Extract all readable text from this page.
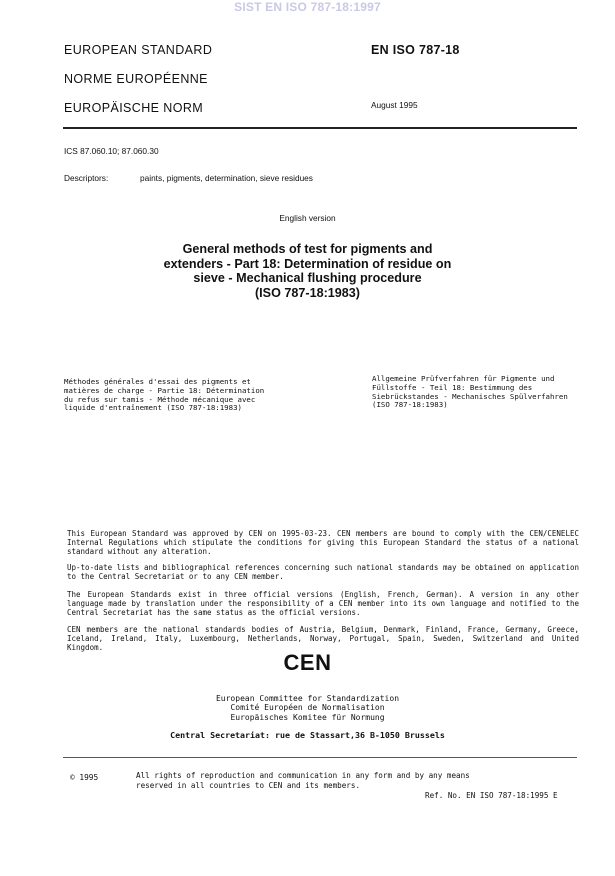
SIST EN ISO 787-18:1997
EUROPEAN STANDARD
NORME EUROPÉENNE
EUROPÄISCHE NORM
EN ISO 787-18
August 1995
ICS 87.060.10; 87.060.30
Descriptors:	paints, pigments, determination, sieve residues
English version
General methods of test for pigments and
extenders - Part 18: Determination of residue on
sieve - Mechanical flushing procedure
(ISO 787-18:1983)
Méthodes générales d'essai des pigments et
matières de charge - Partie 18: Détermination
du refus sur tamis - Méthode mécanique avec
liquide d'entraînement (ISO 787-18:1983)
Allgemeine Prüfverfahren für Pigmente und
Füllstoffe - Teil 18: Bestimmung des
Siebrückstandes - Mechanisches Spülverfahren
(ISO 787-18:1983)
This European Standard was approved by CEN on 1995-03-23. CEN members are bound to comply with the CEN/CENELEC Internal Regulations which stipulate the conditions for giving this European Standard the status of a national standard without any alteration.
Up-to-date lists and bibliographical references concerning such national standards may be obtained on application to the Central Secretariat or to any CEN member.
The European Standards exist in three official versions (English, French, German). A version in any other language made by translation under the responsibility of a CEN member into its own language and notified to the Central Secretariat has the same status as the official versions.
CEN members are the national standards bodies of Austria, Belgium, Denmark, Finland, France, Germany, Greece, Iceland, Ireland, Italy, Luxembourg, Netherlands, Norway, Portugal, Spain, Sweden, Switzerland and United Kingdom.
CEN
European Committee for Standardization
Comité Européen de Normalisation
Europäisches Komitee für Normung
Central Secretariat: rue de Stassart,36 B-1050 Brussels
© 1995	All rights of reproduction and communication in any form and by any means
reserved in all countries to CEN and its members.
Ref. No. EN ISO 787-18:1995 E
